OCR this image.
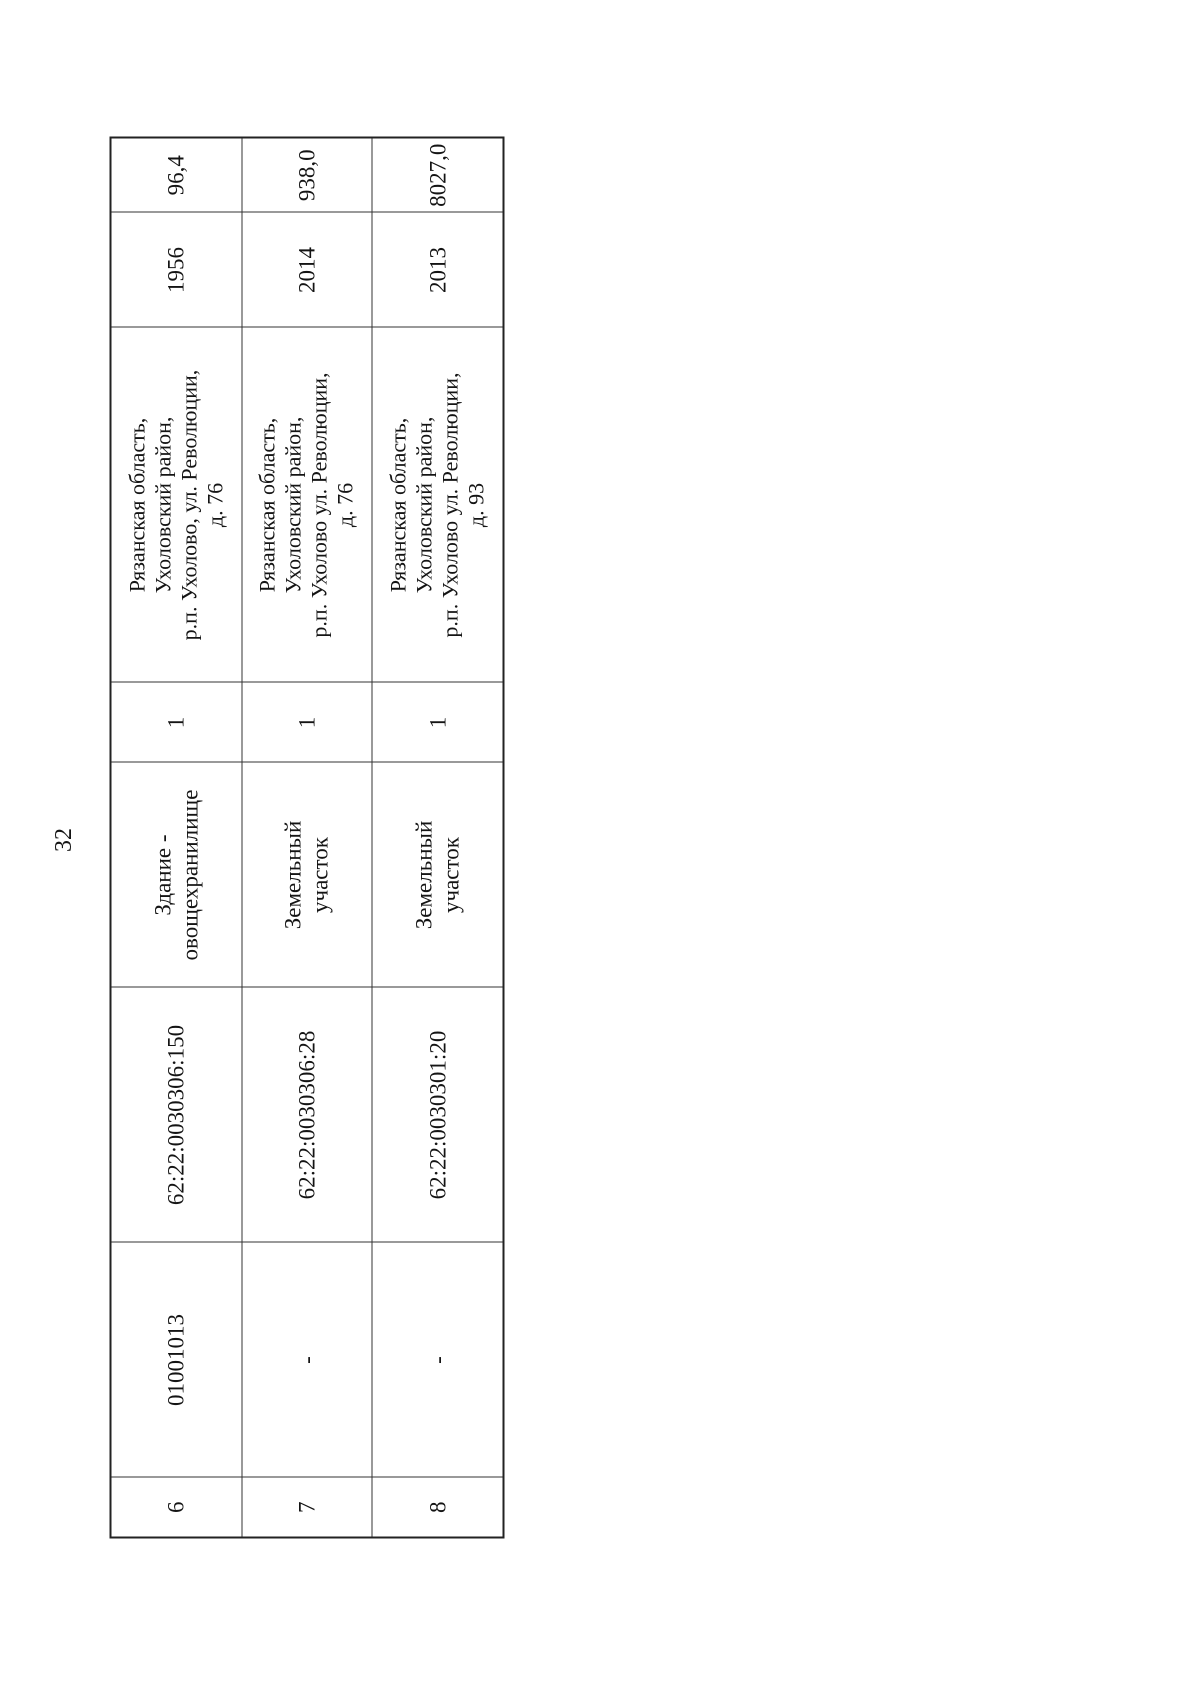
32
6	01001013	62:22:0030306:150	Здание - овощехранилище	1	Рязанская область, Ухоловский район, р.п. Ухолово, ул. Революции, д. 76	1956	96,4
7	-	62:22:0030306:28	Земельный участок	1	Рязанская область, Ухоловский район, р.п. Ухолово ул. Революции, д. 76	2014	938,0
8	-	62:22:0030301:20	Земельный участок	1	Рязанская область, Ухоловский район, р.п. Ухолово ул. Революции, д. 93	2013	8027,0
